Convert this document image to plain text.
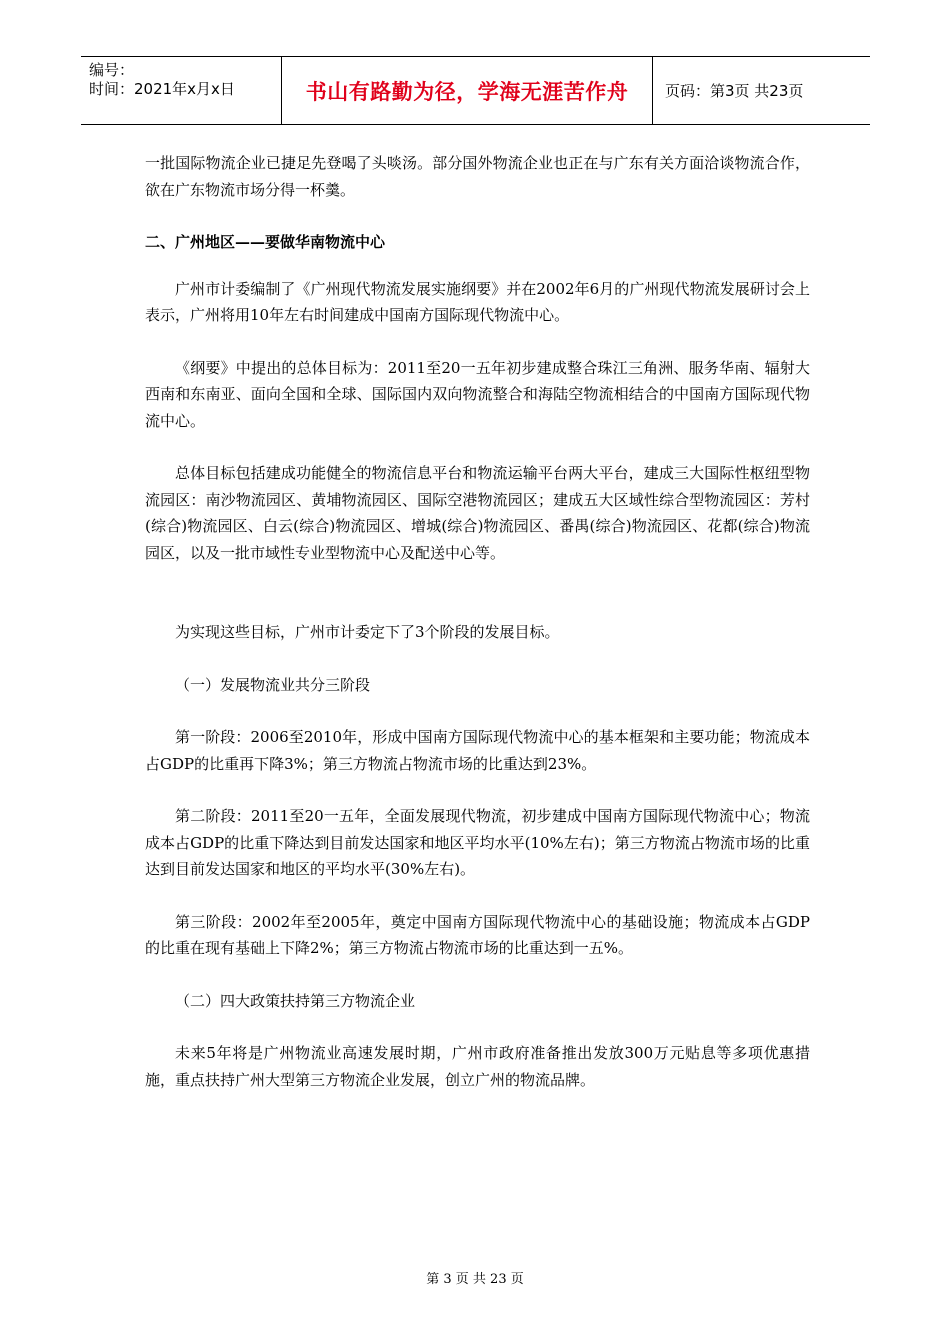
编号：
时间：2021年x月x日	书山有路勤为径，学海无涯苦作舟	页码：第3页 共23页

一批国际物流企业已捷足先登喝了头啖汤。部分国外物流企业也正在与广东有关方面洽谈物流合作，欲在广东物流市场分得一杯羹。

二、广州地区——要做华南物流中心

广州市计委编制了《广州现代物流发展实施纲要》并在2002年6月的广州现代物流发展研讨会上表示，广州将用10年左右时间建成中国南方国际现代物流中心。

《纲要》中提出的总体目标为：2011至20一五年初步建成整合珠江三角洲、服务华南、辐射大西南和东南亚、面向全国和全球、国际国内双向物流整合和海陆空物流相结合的中国南方国际现代物流中心。

总体目标包括建成功能健全的物流信息平台和物流运输平台两大平台，建成三大国际性枢纽型物流园区：南沙物流园区、黄埔物流园区、国际空港物流园区；建成五大区域性综合型物流园区：芳村(综合)物流园区、白云(综合)物流园区、增城(综合)物流园区、番禺(综合)物流园区、花都(综合)物流园区，以及一批市域性专业型物流中心及配送中心等。

为实现这些目标，广州市计委定下了3个阶段的发展目标。

（一）发展物流业共分三阶段

第一阶段：2006至2010年，形成中国南方国际现代物流中心的基本框架和主要功能；物流成本占GDP的比重再下降3%；第三方物流占物流市场的比重达到23%。

第二阶段：2011至20一五年，全面发展现代物流，初步建成中国南方国际现代物流中心；物流成本占GDP的比重下降达到目前发达国家和地区平均水平(10%左右)；第三方物流占物流市场的比重达到目前发达国家和地区的平均水平(30%左右)。

第三阶段：2002年至2005年，奠定中国南方国际现代物流中心的基础设施；物流成本占GDP的比重在现有基础上下降2%；第三方物流占物流市场的比重达到一五%。

（二）四大政策扶持第三方物流企业

未来5年将是广州物流业高速发展时期，广州市政府准备推出发放300万元贴息等多项优惠措施，重点扶持广州大型第三方物流企业发展，创立广州的物流品牌。

第 3 页 共 23 页
